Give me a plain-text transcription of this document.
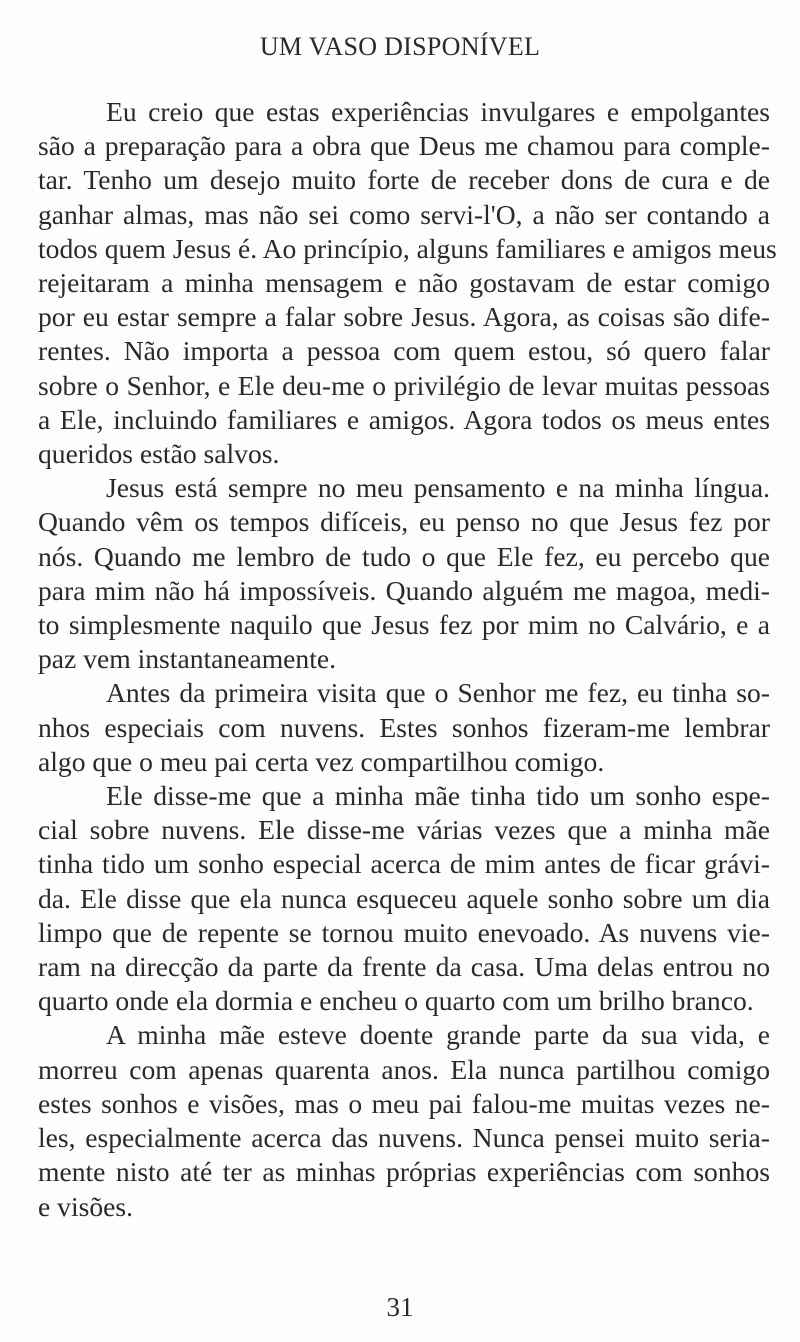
UM VASO DISPONÍVEL

Eu creio que estas experiências invulgares e empolgantes
são a preparação para a obra que Deus me chamou para comple-
tar. Tenho um desejo muito forte de receber dons de cura e de
ganhar almas, mas não sei como servi-l'O, a não ser contando a
todos quem Jesus é. Ao princípio, alguns familiares e amigos meus
rejeitaram a minha mensagem e não gostavam de estar comigo
por eu estar sempre a falar sobre Jesus. Agora, as coisas são dife-
rentes. Não importa a pessoa com quem estou, só quero falar
sobre o Senhor, e Ele deu-me o privilégio de levar muitas pessoas
a Ele, incluindo familiares e amigos. Agora todos os meus entes
queridos estão salvos.

Jesus está sempre no meu pensamento e na minha língua.
Quando vêm os tempos difíceis, eu penso no que Jesus fez por
nós. Quando me lembro de tudo o que Ele fez, eu percebo que
para mim não há impossíveis. Quando alguém me magoa, medi-
to simplesmente naquilo que Jesus fez por mim no Calvário, e a
paz vem instantaneamente.

Antes da primeira visita que o Senhor me fez, eu tinha so-
nhos especiais com nuvens. Estes sonhos fizeram-me lembrar
algo que o meu pai certa vez compartilhou comigo.

Ele disse-me que a minha mãe tinha tido um sonho espe-
cial sobre nuvens. Ele disse-me várias vezes que a minha mãe
tinha tido um sonho especial acerca de mim antes de ficar grávi-
da. Ele disse que ela nunca esqueceu aquele sonho sobre um dia
limpo que de repente se tornou muito enevoado. As nuvens vie-
ram na direcção da parte da frente da casa. Uma delas entrou no
quarto onde ela dormia e encheu o quarto com um brilho branco.

A minha mãe esteve doente grande parte da sua vida, e
morreu com apenas quarenta anos. Ela nunca partilhou comigo
estes sonhos e visões, mas o meu pai falou-me muitas vezes ne-
les, especialmente acerca das nuvens. Nunca pensei muito seria-
mente nisto até ter as minhas próprias experiências com sonhos
e visões.

31
